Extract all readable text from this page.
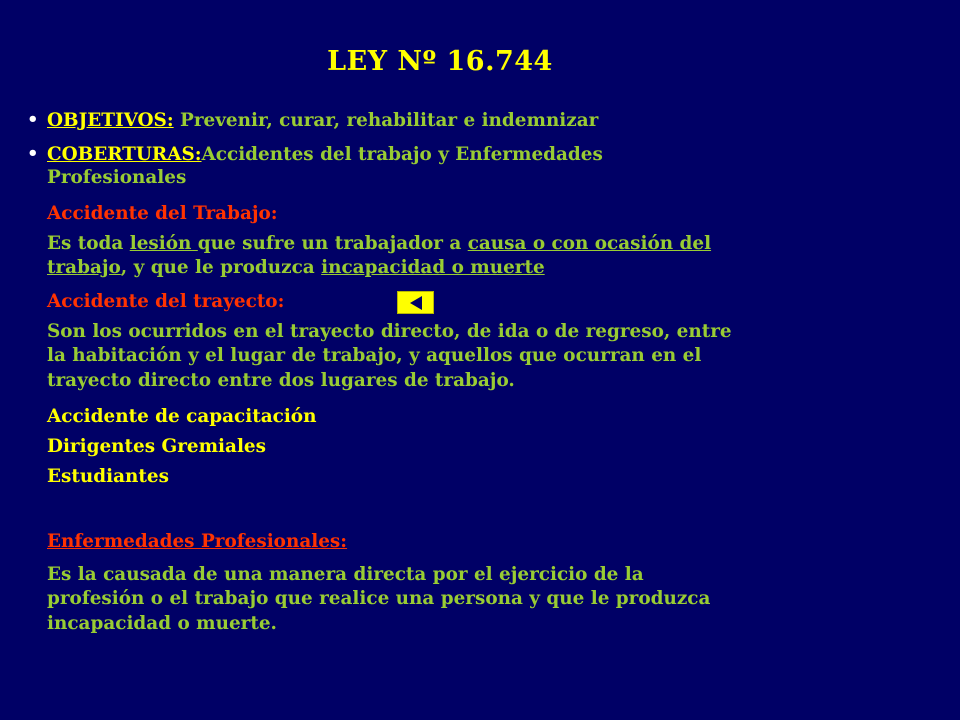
LEY Nº 16.744
• OBJETIVOS: Prevenir, curar, rehabilitar e indemnizar
• COBERTURAS:Accidentes del trabajo y Enfermedades
Profesionales
Accidente del Trabajo:
Es toda lesión que sufre un trabajador a causa o con ocasión del
trabajo, y que le produzca incapacidad o muerte
Accidente del trayecto:
Son los ocurridos en el trayecto directo, de ida o de regreso, entre
la habitación y el lugar de trabajo, y aquellos que ocurran en el
trayecto directo entre dos lugares de trabajo.
Accidente de capacitación
Dirigentes Gremiales
Estudiantes
Enfermedades Profesionales:
Es la causada de una manera directa por el ejercicio de la
profesión o el trabajo que realice una persona y que le produzca
incapacidad o muerte.
